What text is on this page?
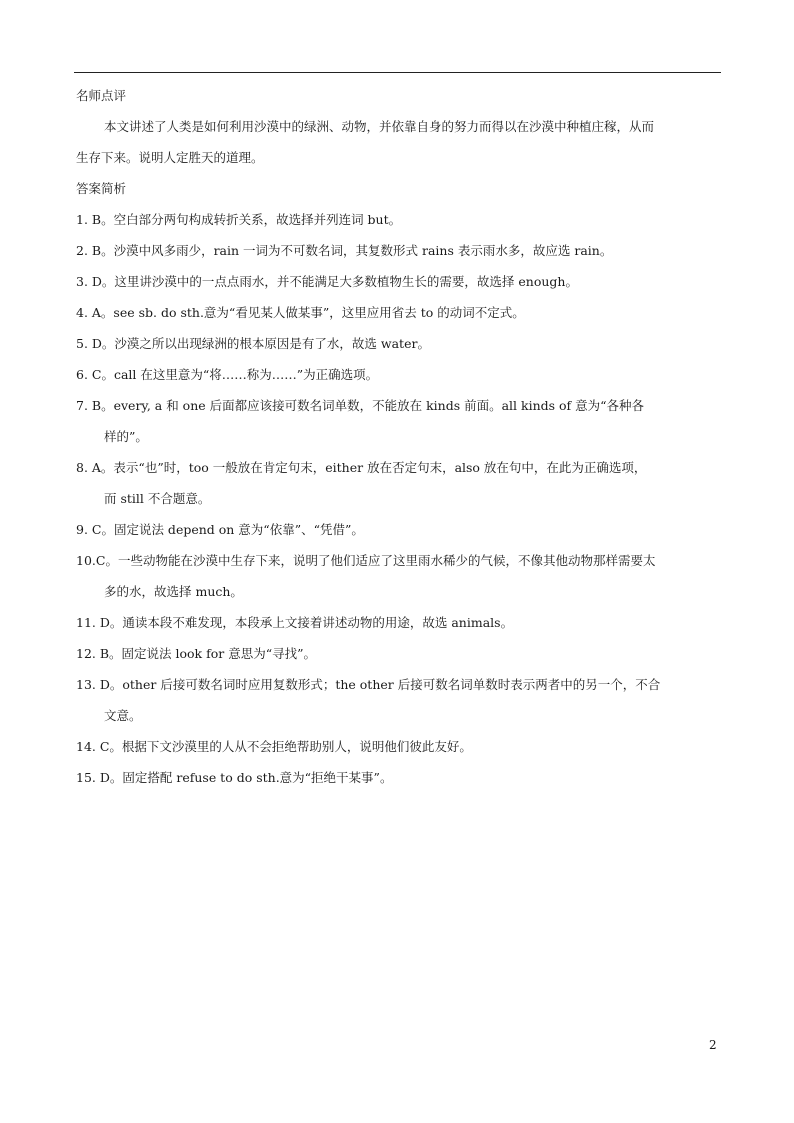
名师点评
本文讲述了人类是如何利用沙漠中的绿洲、动物，并依靠自身的努力而得以在沙漠中种植庄稼，从而
生存下来。说明人定胜天的道理。
答案简析
1. B。空白部分两句构成转折关系，故选择并列连词 but。
2. B。沙漠中风多雨少，rain 一词为不可数名词，其复数形式 rains 表示雨水多，故应选 rain。
3. D。这里讲沙漠中的一点点雨水，并不能满足大多数植物生长的需要，故选择 enough。
4. A。see sb. do sth.意为“看见某人做某事”，这里应用省去 to 的动词不定式。
5. D。沙漠之所以出现绿洲的根本原因是有了水，故选 water。
6. C。call 在这里意为“将……称为……”为正确选项。
7. B。every, a 和 one 后面都应该接可数名词单数，不能放在 kinds 前面。all kinds of 意为“各种各
样的”。
8. A。表示“也”时，too 一般放在肯定句末，either 放在否定句末，also 放在句中，在此为正确选项，
而 still 不合题意。
9. C。固定说法 depend on 意为“依靠”、“凭借”。
10.C。一些动物能在沙漠中生存下来，说明了他们适应了这里雨水稀少的气候，不像其他动物那样需要太
多的水，故选择 much。
11. D。通读本段不难发现，本段承上文接着讲述动物的用途，故选 animals。
12. B。固定说法 look for 意思为“寻找”。
13. D。other 后接可数名词时应用复数形式；the other 后接可数名词单数时表示两者中的另一个，不合
文意。
14. C。根据下文沙漠里的人从不会拒绝帮助别人，说明他们彼此友好。
15. D。固定搭配 refuse to do sth.意为“拒绝干某事”。
2
